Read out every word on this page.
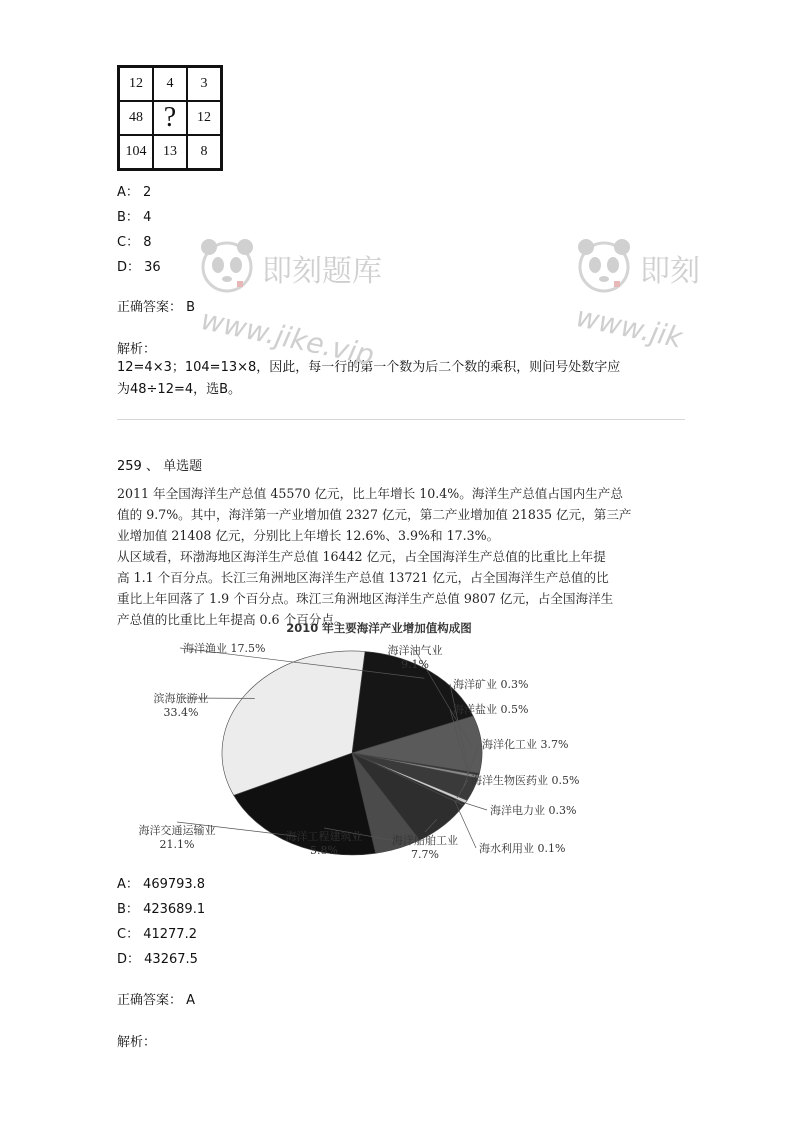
12	4	3
48 ?	12
104	13	8
A： 2
B： 4
C： 8
D： 36
正确答案： B
解析：
12=4×3；104=13×8，因此，每一行的第一个数为后二个数的乘积，则问号处数字应
为48÷12=4，选B。
即刻题库
www.jike.vip
即刻
www.jik
259 、 单选题

2011 年全国海洋生产总值 45570 亿元，比上年增长 10.4%。海洋生产总值占国内生产总

值的 9.7%。其中，海洋第一产业增加值 2327 亿元，第二产业增加值 21835 亿元，第三产

业增加值 21408 亿元，分别比上年增长 12.6%、3.9%和 17.3%。

从区域看，环渤海地区海洋生产总值 16442 亿元，占全国海洋生产总值的比重比上年提

高 1.1 个百分点。长江三角洲地区海洋生产总值 13721 亿元，占全国海洋生产总值的比

重比上年回落了 1.9 个百分点。珠江三角洲地区海洋生产总值 9807 亿元，占全国海洋生

产总值的比重比上年提高 0.6 个百分点。

2010 年主要海洋产业增加值构成图
海洋渔业 17.5%	海洋油气业 9.1%
海洋矿业 0.3%
海洋盐业 0.5%
海洋化工业 3.7%
海洋生物医药业 0.5%
海洋电力业 0.3%
海水利用业 0.1%
海洋船舶工业 7.7%
海洋工程建筑业 5.8%
海洋交通运输业 21.1%
滨海旅游业 33.4%
A： 469793.8
B： 423689.1
C： 41277.2
D： 43267.5
正确答案： A
解析：
